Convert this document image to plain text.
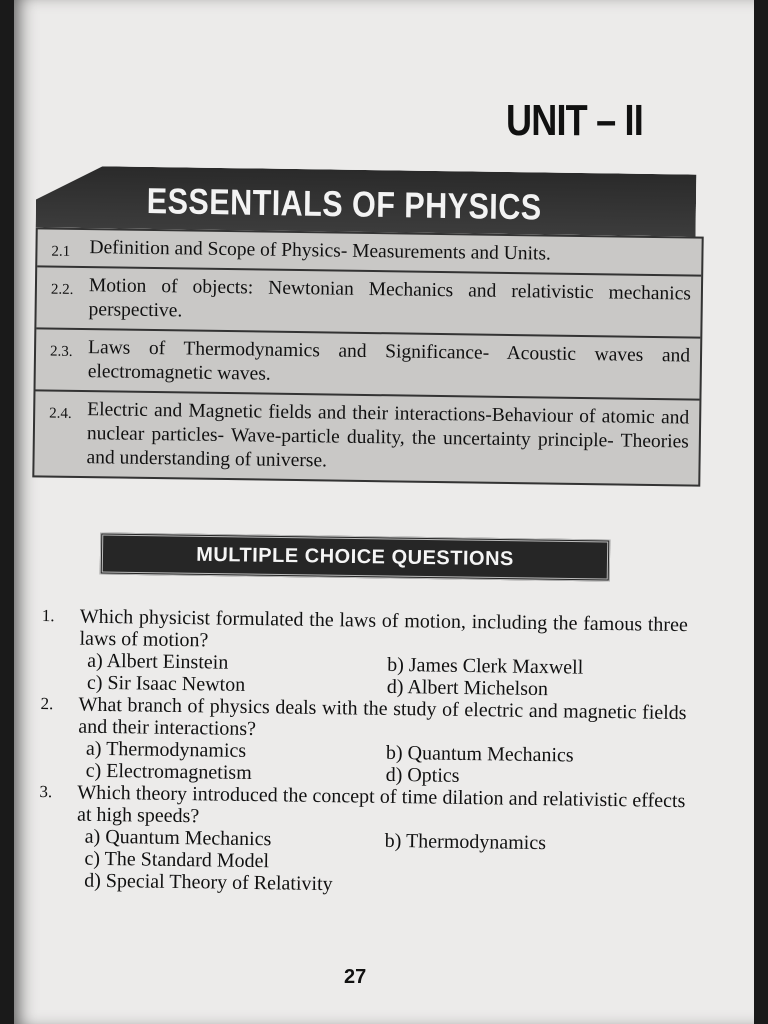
UNIT – II
ESSENTIALS OF PHYSICS
2.1 Definition and Scope of Physics- Measurements and Units.
2.2. Motion of objects: Newtonian Mechanics and relativistic mechanics perspective.
2.3. Laws of Thermodynamics and Significance- Acoustic waves and electromagnetic waves.
2.4. Electric and Magnetic fields and their interactions-Behaviour of atomic and nuclear particles- Wave-particle duality, the uncertainty principle- Theories and understanding of universe.
MULTIPLE CHOICE QUESTIONS
1. Which physicist formulated the laws of motion, including the famous three laws of motion?
a) Albert Einstein	b) James Clerk Maxwell
c) Sir Isaac Newton	d) Albert Michelson
2. What branch of physics deals with the study of electric and magnetic fields and their interactions?
a) Thermodynamics	b) Quantum Mechanics
c) Electromagnetism	d) Optics
3. Which theory introduced the concept of time dilation and relativistic effects at high speeds?
a) Quantum Mechanics	b) Thermodynamics
c) The Standard Model
d) Special Theory of Relativity
27
